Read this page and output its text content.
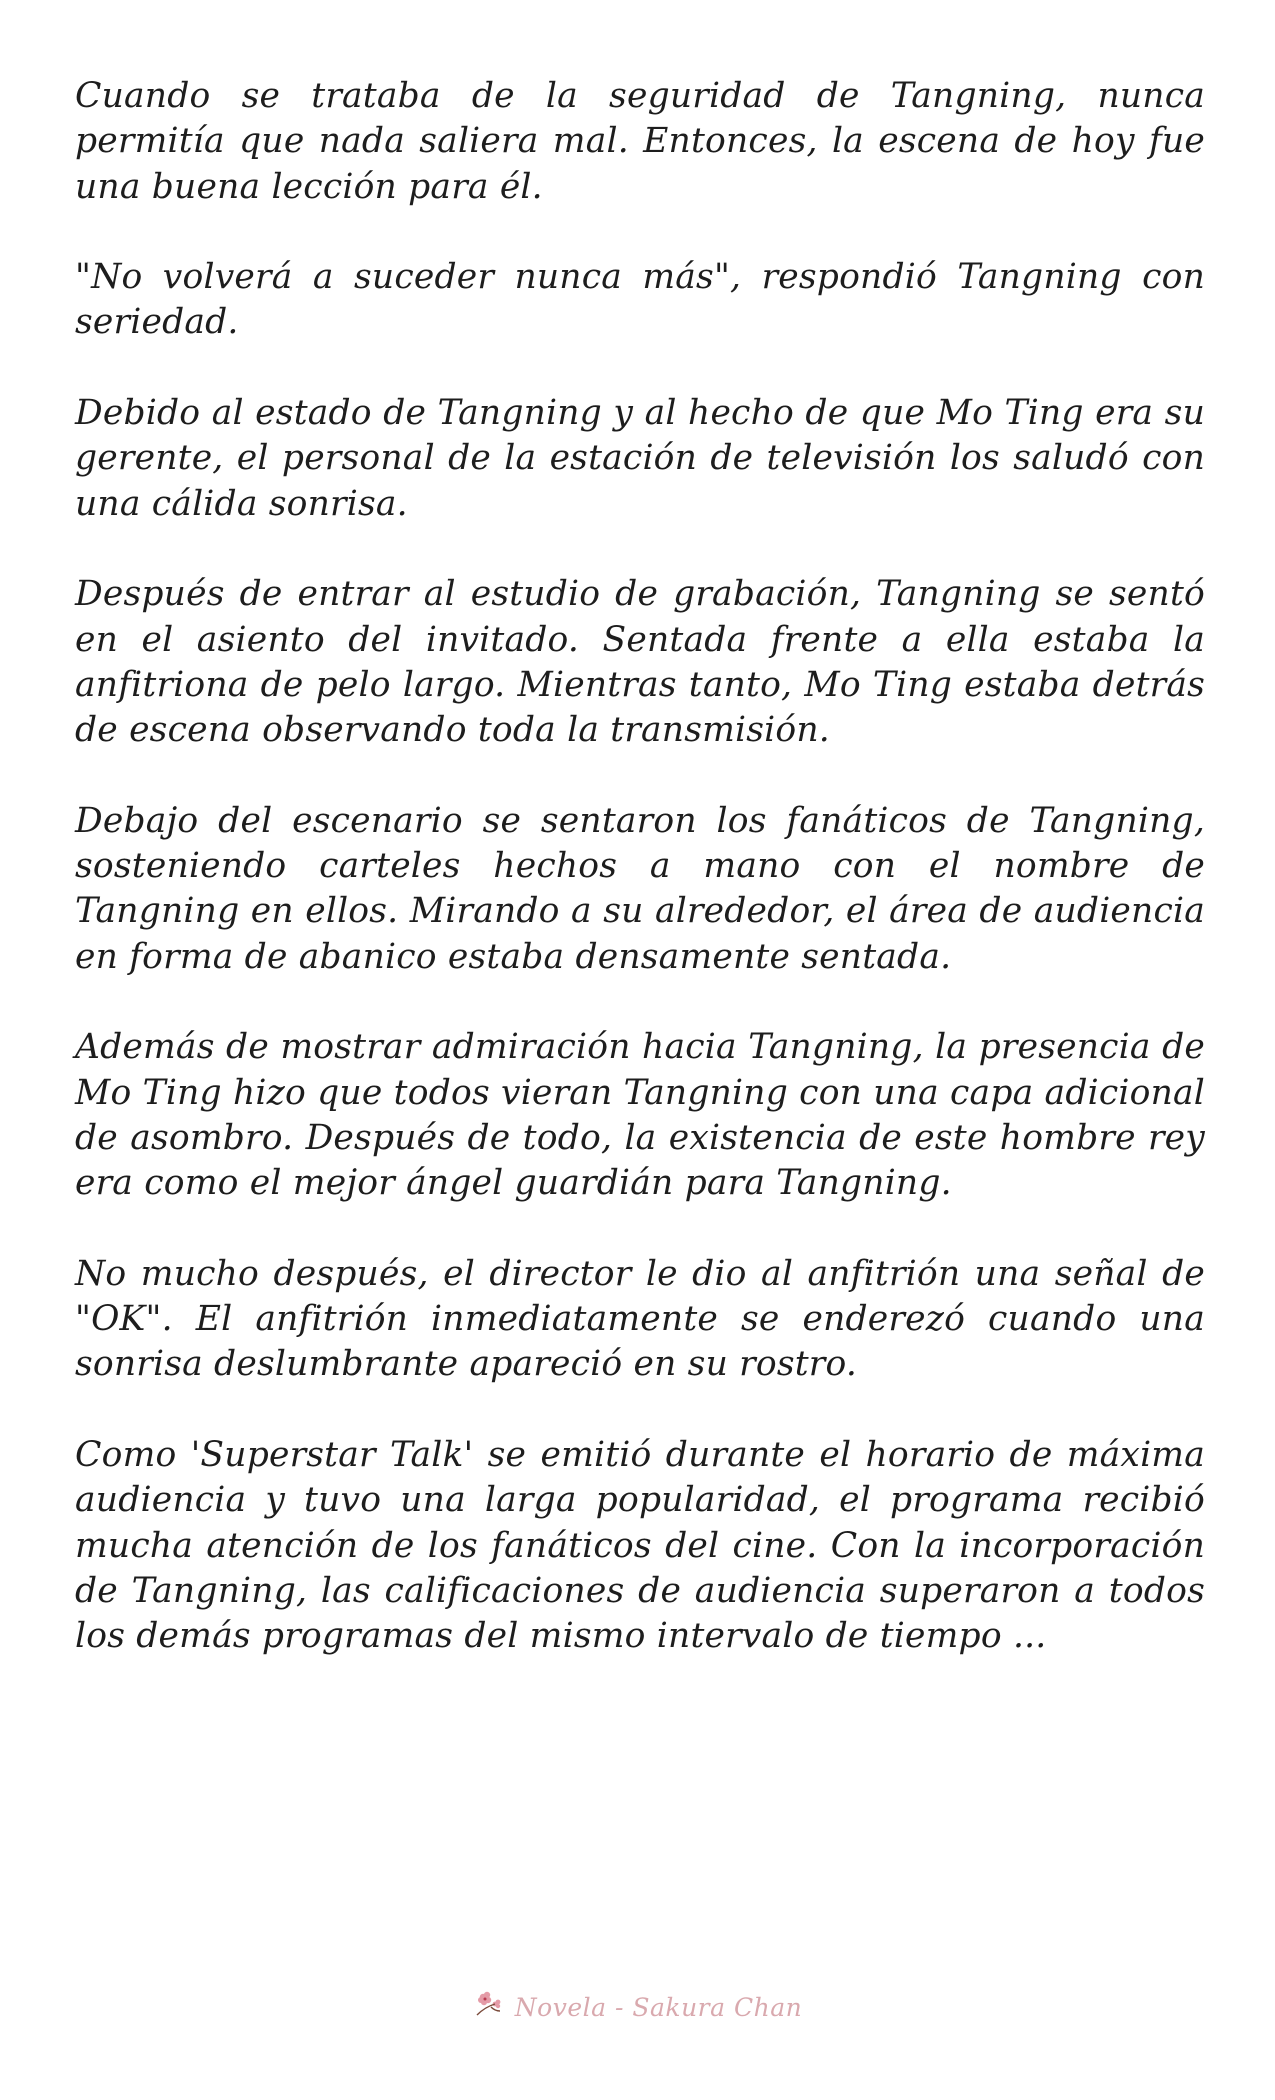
Cuando se trataba de la seguridad de Tangning, nunca permitía que nada saliera mal. Entonces, la escena de hoy fue una buena lección para él.

"No volverá a suceder nunca más", respondió Tangning con seriedad.

Debido al estado de Tangning y al hecho de que Mo Ting era su gerente, el personal de la estación de televisión los saludó con una cálida sonrisa.

Después de entrar al estudio de grabación, Tangning se sentó en el asiento del invitado. Sentada frente a ella estaba la anfitriona de pelo largo. Mientras tanto, Mo Ting estaba detrás de escena observando toda la transmisión.

Debajo del escenario se sentaron los fanáticos de Tangning, sosteniendo carteles hechos a mano con el nombre de Tangning en ellos. Mirando a su alrededor, el área de audiencia en forma de abanico estaba densamente sentada.

Además de mostrar admiración hacia Tangning, la presencia de Mo Ting hizo que todos vieran Tangning con una capa adicional de asombro. Después de todo, la existencia de este hombre rey era como el mejor ángel guardián para Tangning.

No mucho después, el director le dio al anfitrión una señal de "OK". El anfitrión inmediatamente se enderezó cuando una sonrisa deslumbrante apareció en su rostro.

Como 'Superstar Talk' se emitió durante el horario de máxima audiencia y tuvo una larga popularidad, el programa recibió mucha atención de los fanáticos del cine. Con la incorporación de Tangning, las calificaciones de audiencia superaron a todos los demás programas del mismo intervalo de tiempo ...

Novela - Sakura Chan
